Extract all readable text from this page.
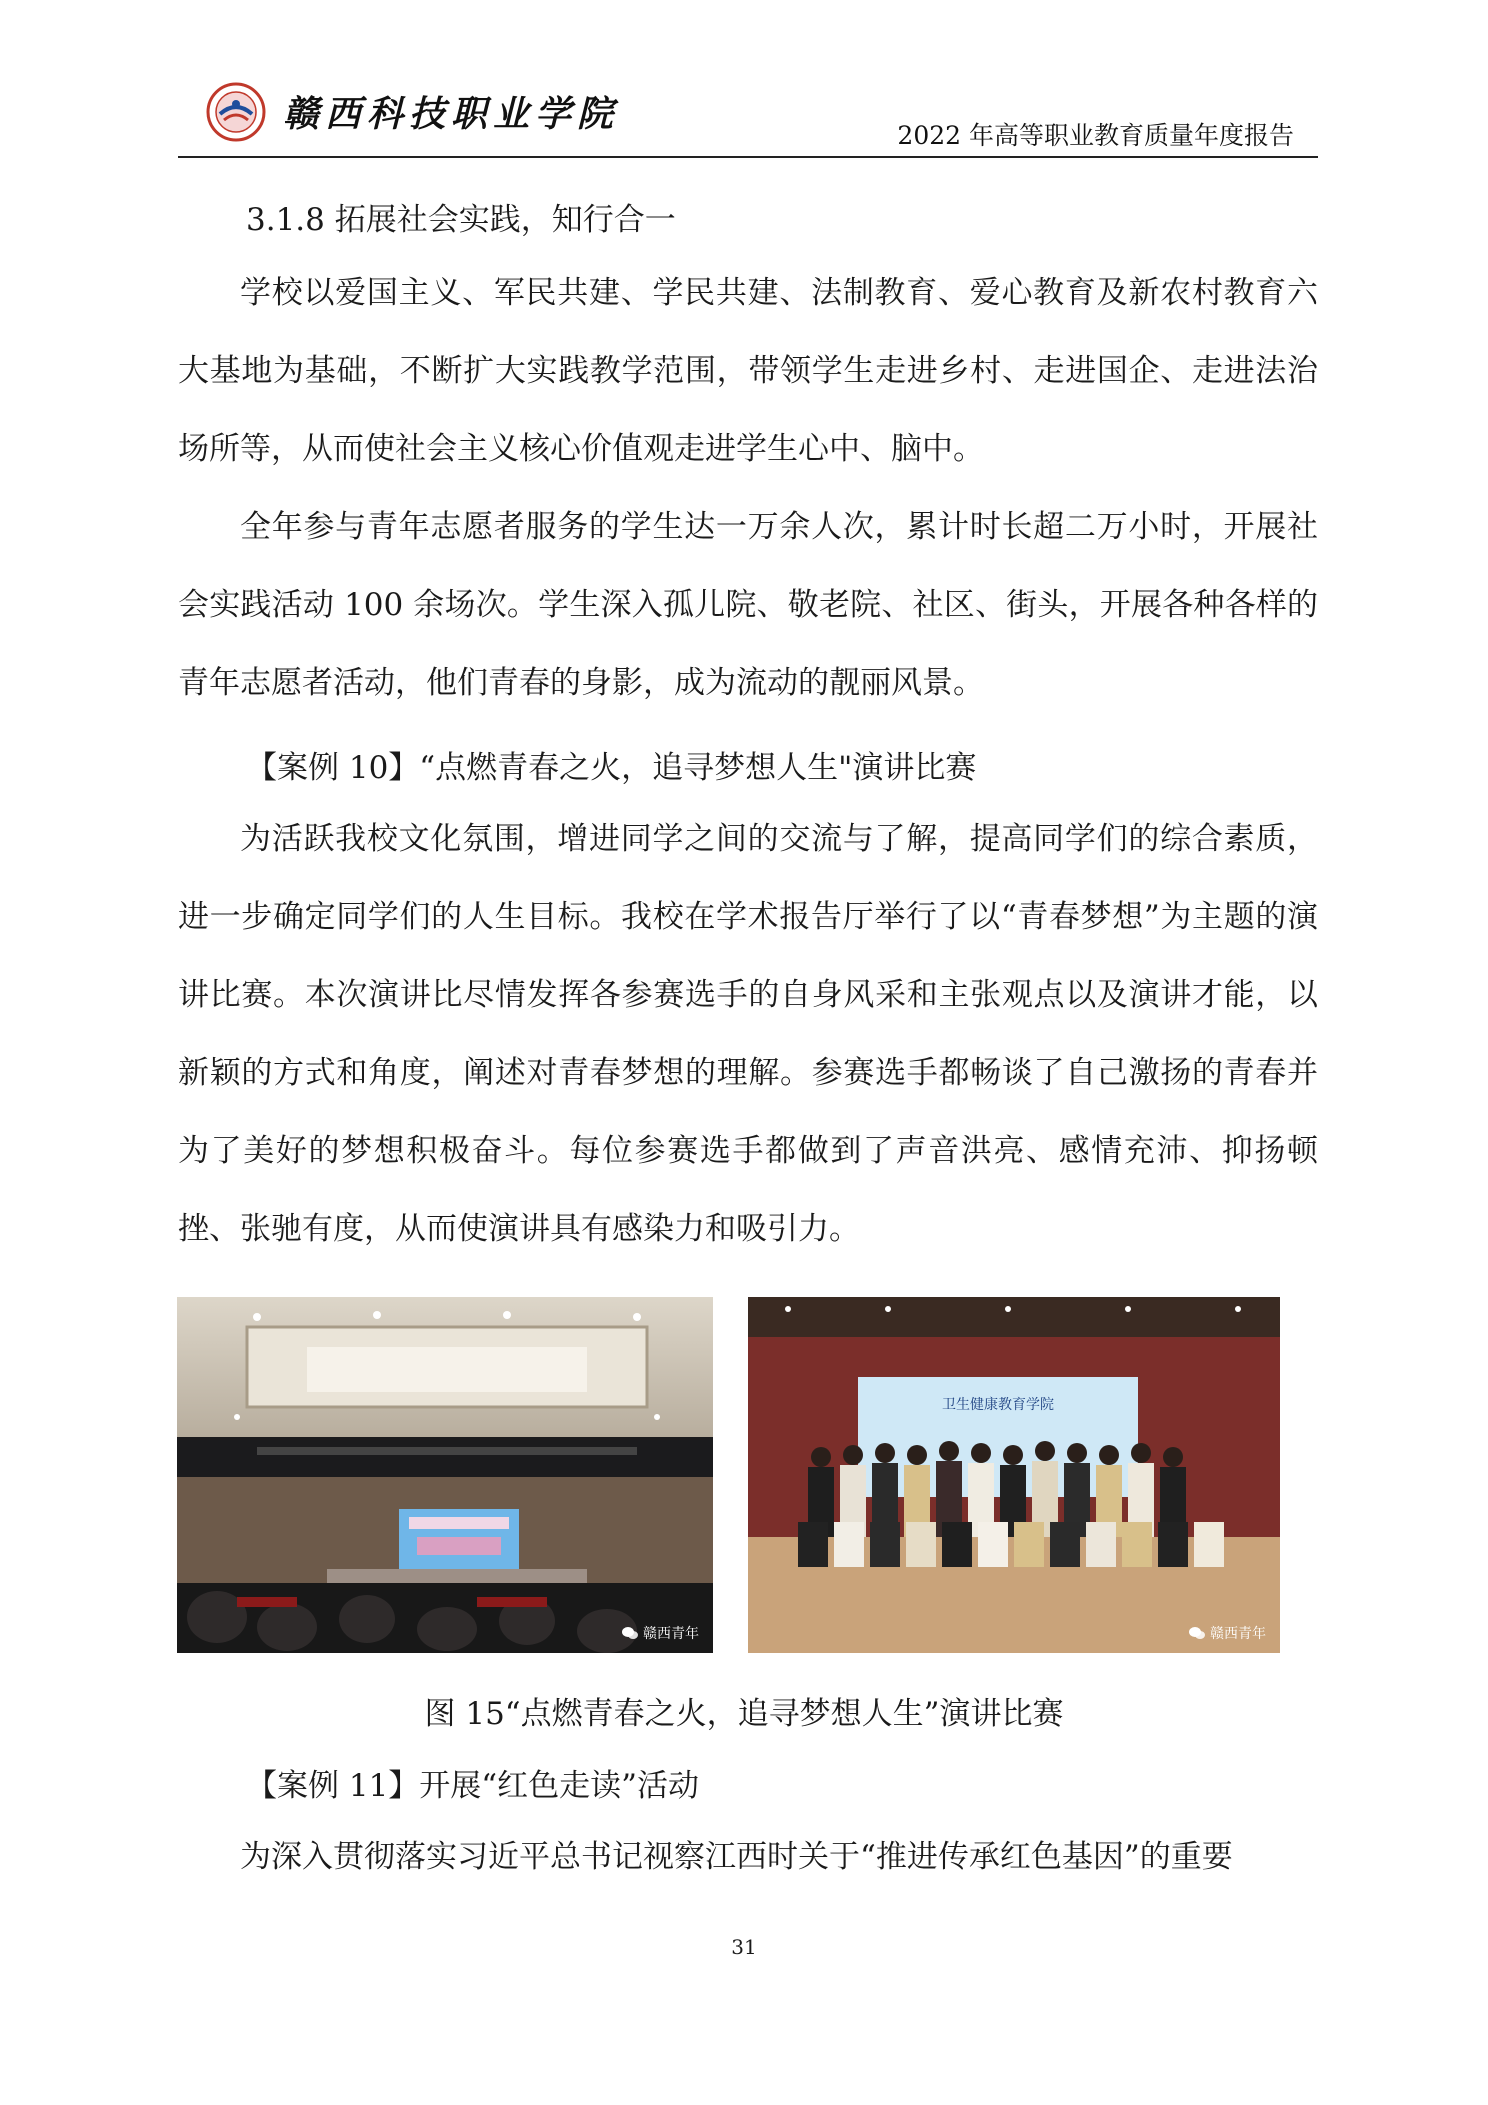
赣西科技职业学院
2022 年高等职业教育质量年度报告

3.1.8 拓展社会实践，知行合一

学校以爱国主义、军民共建、学民共建、法制教育、爱心教育及新农村教育六大基地为基础，不断扩大实践教学范围，带领学生走进乡村、走进国企、走进法治场所等，从而使社会主义核心价值观走进学生心中、脑中。

全年参与青年志愿者服务的学生达一万余人次，累计时长超二万小时，开展社会实践活动 100 余场次。学生深入孤儿院、敬老院、社区、街头，开展各种各样的青年志愿者活动，他们青春的身影，成为流动的靓丽风景。

【案例 10】“点燃青春之火，追寻梦想人生"演讲比赛

为活跃我校文化氛围，增进同学之间的交流与了解，提高同学们的综合素质，进一步确定同学们的人生目标。我校在学术报告厅举行了以“青春梦想”为主题的演讲比赛。本次演讲比尽情发挥各参赛选手的自身风采和主张观点以及演讲才能，以新颖的方式和角度，阐述对青春梦想的理解。参赛选手都畅谈了自己激扬的青春并为了美好的梦想积极奋斗。每位参赛选手都做到了声音洪亮、感情充沛、抑扬顿挫、张驰有度，从而使演讲具有感染力和吸引力。

赣西青年
卫生健康教育学院
赣西青年

图 15“点燃青春之火，追寻梦想人生”演讲比赛

【案例 11】开展“红色走读”活动

为深入贯彻落实习近平总书记视察江西时关于“推进传承红色基因”的重要

31
